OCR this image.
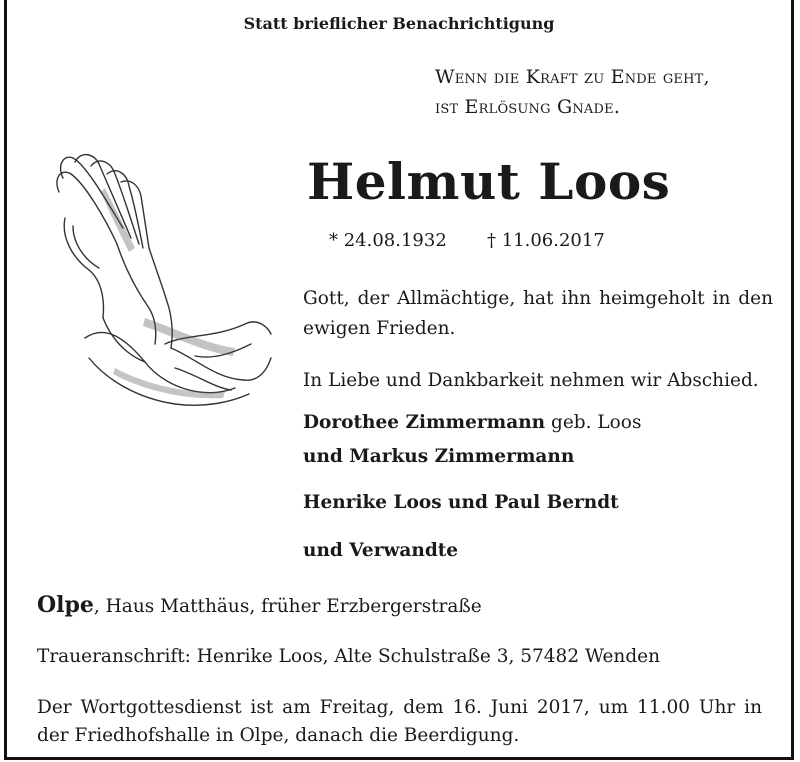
Statt brieflicher Benachrichtigung
Wenn die Kraft zu Ende geht,
ist Erlösung Gnade.
Helmut Loos
* 24.08.1932 † 11.06.2017
Gott, der Allmächtige, hat ihn heimgeholt in den ewigen Frieden.
In Liebe und Dankbarkeit nehmen wir Abschied.
Dorothee Zimmermann geb. Loos
und Markus Zimmermann
Henrike Loos und Paul Berndt
und Verwandte
Olpe, Haus Matthäus, früher Erzbergerstraße
Traueranschrift: Henrike Loos, Alte Schulstraße 3, 57482 Wenden
Der Wortgottesdienst ist am Freitag, dem 16. Juni 2017, um 11.00 Uhr in der Friedhofshalle in Olpe, danach die Beerdigung.
